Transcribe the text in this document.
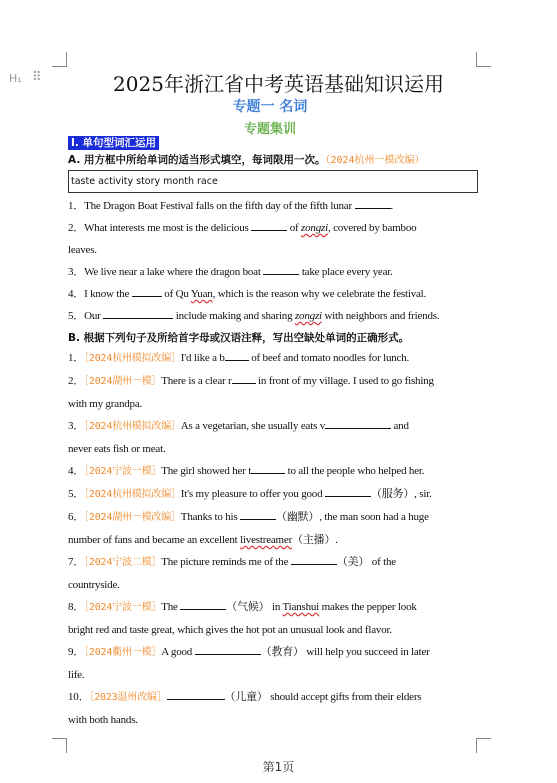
H₁ ⠿	2025年浙江省中考英语基础知识运用
专题一 名词
专题集训
Ⅰ. 单句型词汇运用
A. 用方框中所给单词的适当形式填空，每词限用一次。（2024杭州一模改编）
taste activity story month race

1．The Dragon Boat Festival falls on the fifth day of the fifth lunar	.

2．What interests me most is the delicious	of zongzi, covered by bamboo
leaves.

3．We live near a lake where the dragon boat	take place every year.

4．I know the	of Qu Yuan, which is the reason why we celebrate the festival.

5．Our	include making and sharing zongzi with neighbors and friends.

B. 根据下列句子及所给首字母或汉语注释，写出空缺处单词的正确形式。

1．［2024杭州模拟改编］I'd like a b of beef and tomato noodles for lunch.

2．［2024湖州一模］There is a clear r in front of my village. I used to go fishing
with my grandpa.

3．［2024杭州模拟改编］As a vegetarian, she usually eats v	and
never eats fish or meat.

4．［2024宁波一模］The girl showed her t	to all the people who helped her.

5．［2024杭州模拟改编］It's my pleasure to offer you good	（服务）, sir.

6．［2024湖州一模改编］Thanks to his	（幽默）, the man soon had a huge
number of fans and became an excellent livestreamer（主播）.

7．［2024宁波二模］The picture reminds me of the	（美） of the
countryside.

8．［2024宁波一模］The	（气候） in Tianshui makes the pepper look
bright red and taste great, which gives the hot pot an unusual look and flavor.

9．［2024衢州一模］A good	（教育） will help you succeed in later
life.

10．［2023温州改编］	（儿童） should accept gifts from their elders
with both hands.

第1页
